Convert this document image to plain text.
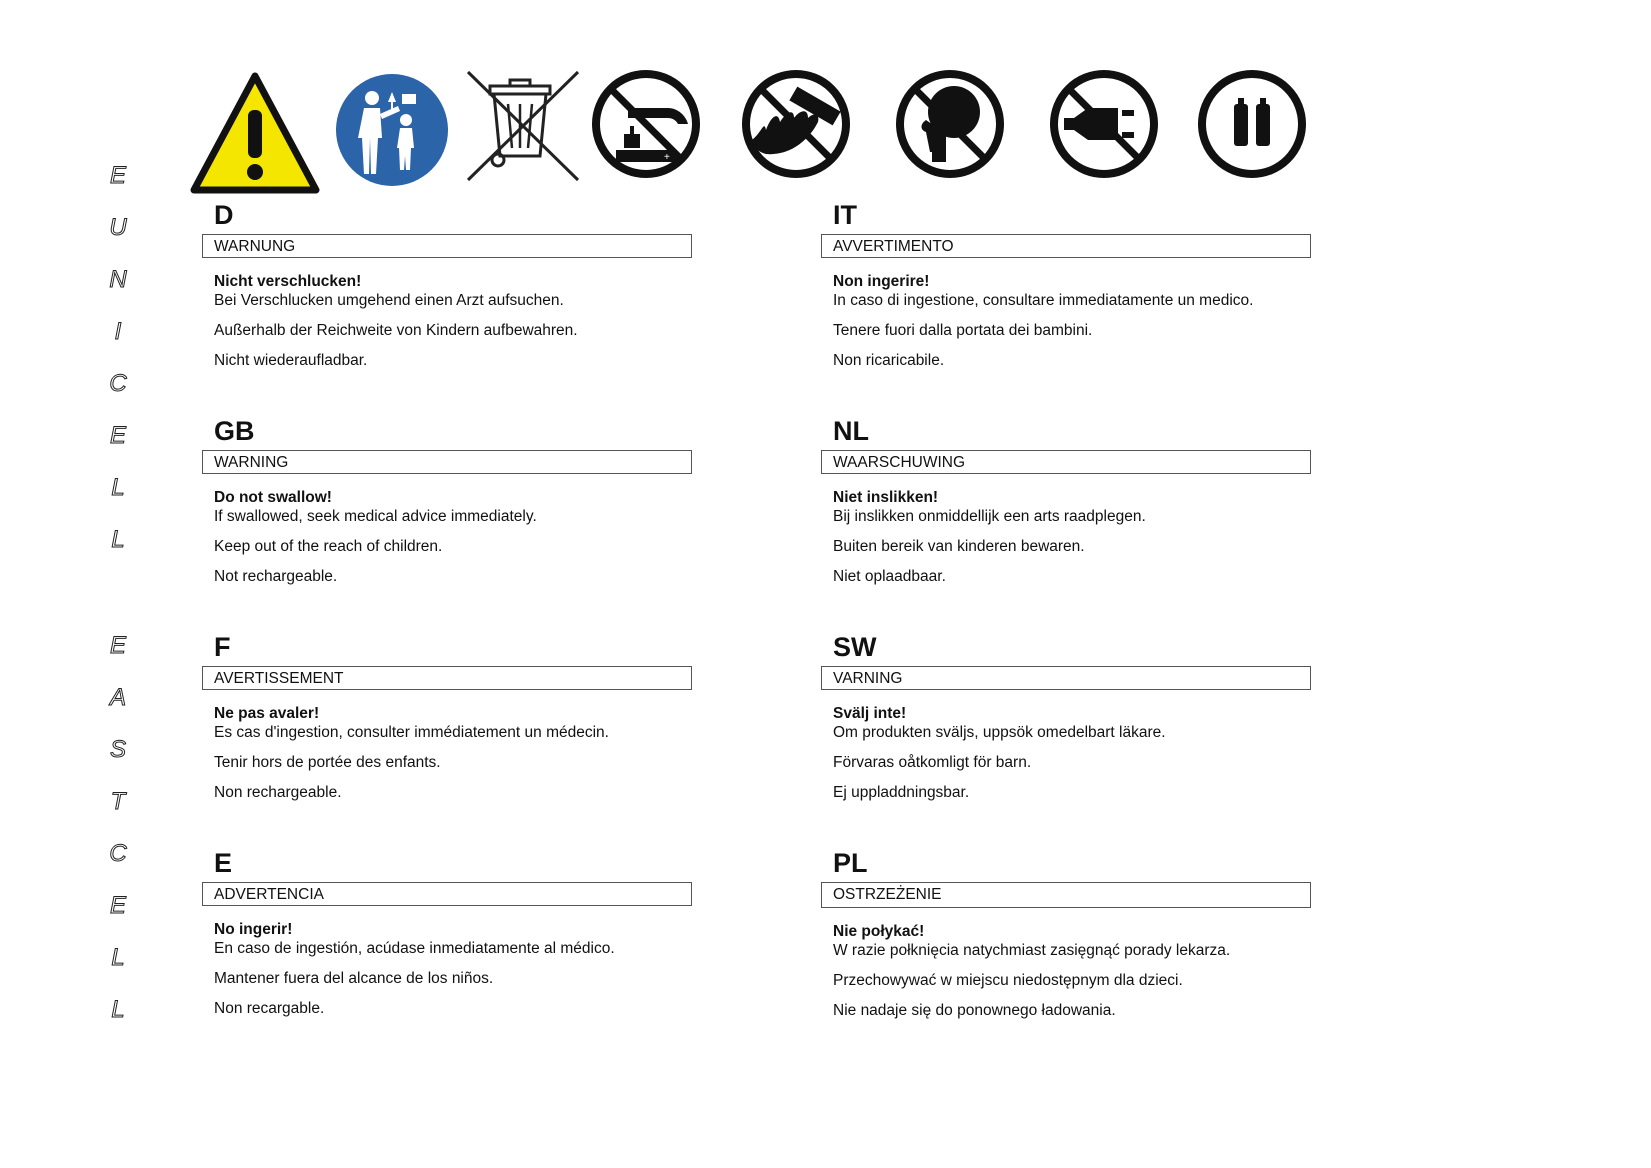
E
U
N
I
C
E
L
L
E
A
S
T
C
E
L
L
+
D
WARNUNG
Nicht verschlucken!
Bei Verschlucken umgehend einen Arzt aufsuchen.
Außerhalb der Reichweite von Kindern aufbewahren.
Nicht wiederaufladbar.
IT
AVVERTIMENTO
Non ingerire!
In caso di ingestione, consultare immediatamente un medico.
Tenere fuori dalla portata dei bambini.
Non ricaricabile.
GB
WARNING
Do not swallow!
If swallowed, seek medical advice immediately.
Keep out of the reach of children.
Not rechargeable.
NL
WAARSCHUWING
Niet inslikken!
Bij inslikken onmiddellijk een arts raadplegen.
Buiten bereik van kinderen bewaren.
Niet oplaadbaar.
F
AVERTISSEMENT
Ne pas avaler!
Es cas d'ingestion, consulter immédiatement un médecin.
Tenir hors de portée des enfants.
Non rechargeable.
SW
VARNING
Svälj inte!
Om produkten sväljs, uppsök omedelbart läkare.
Förvaras oåtkomligt för barn.
Ej uppladdningsbar.
E
ADVERTENCIA
No ingerir!
En caso de ingestión, acúdase inmediatamente al médico.
Mantener fuera del alcance de los niños.
Non recargable.
PL
OSTRZEŻENIE
Nie połykać!
W razie połknięcia natychmiast zasięgnąć porady lekarza.
Przechowywać w miejscu niedostępnym dla dzieci.
Nie nadaje się do ponownego ładowania.
